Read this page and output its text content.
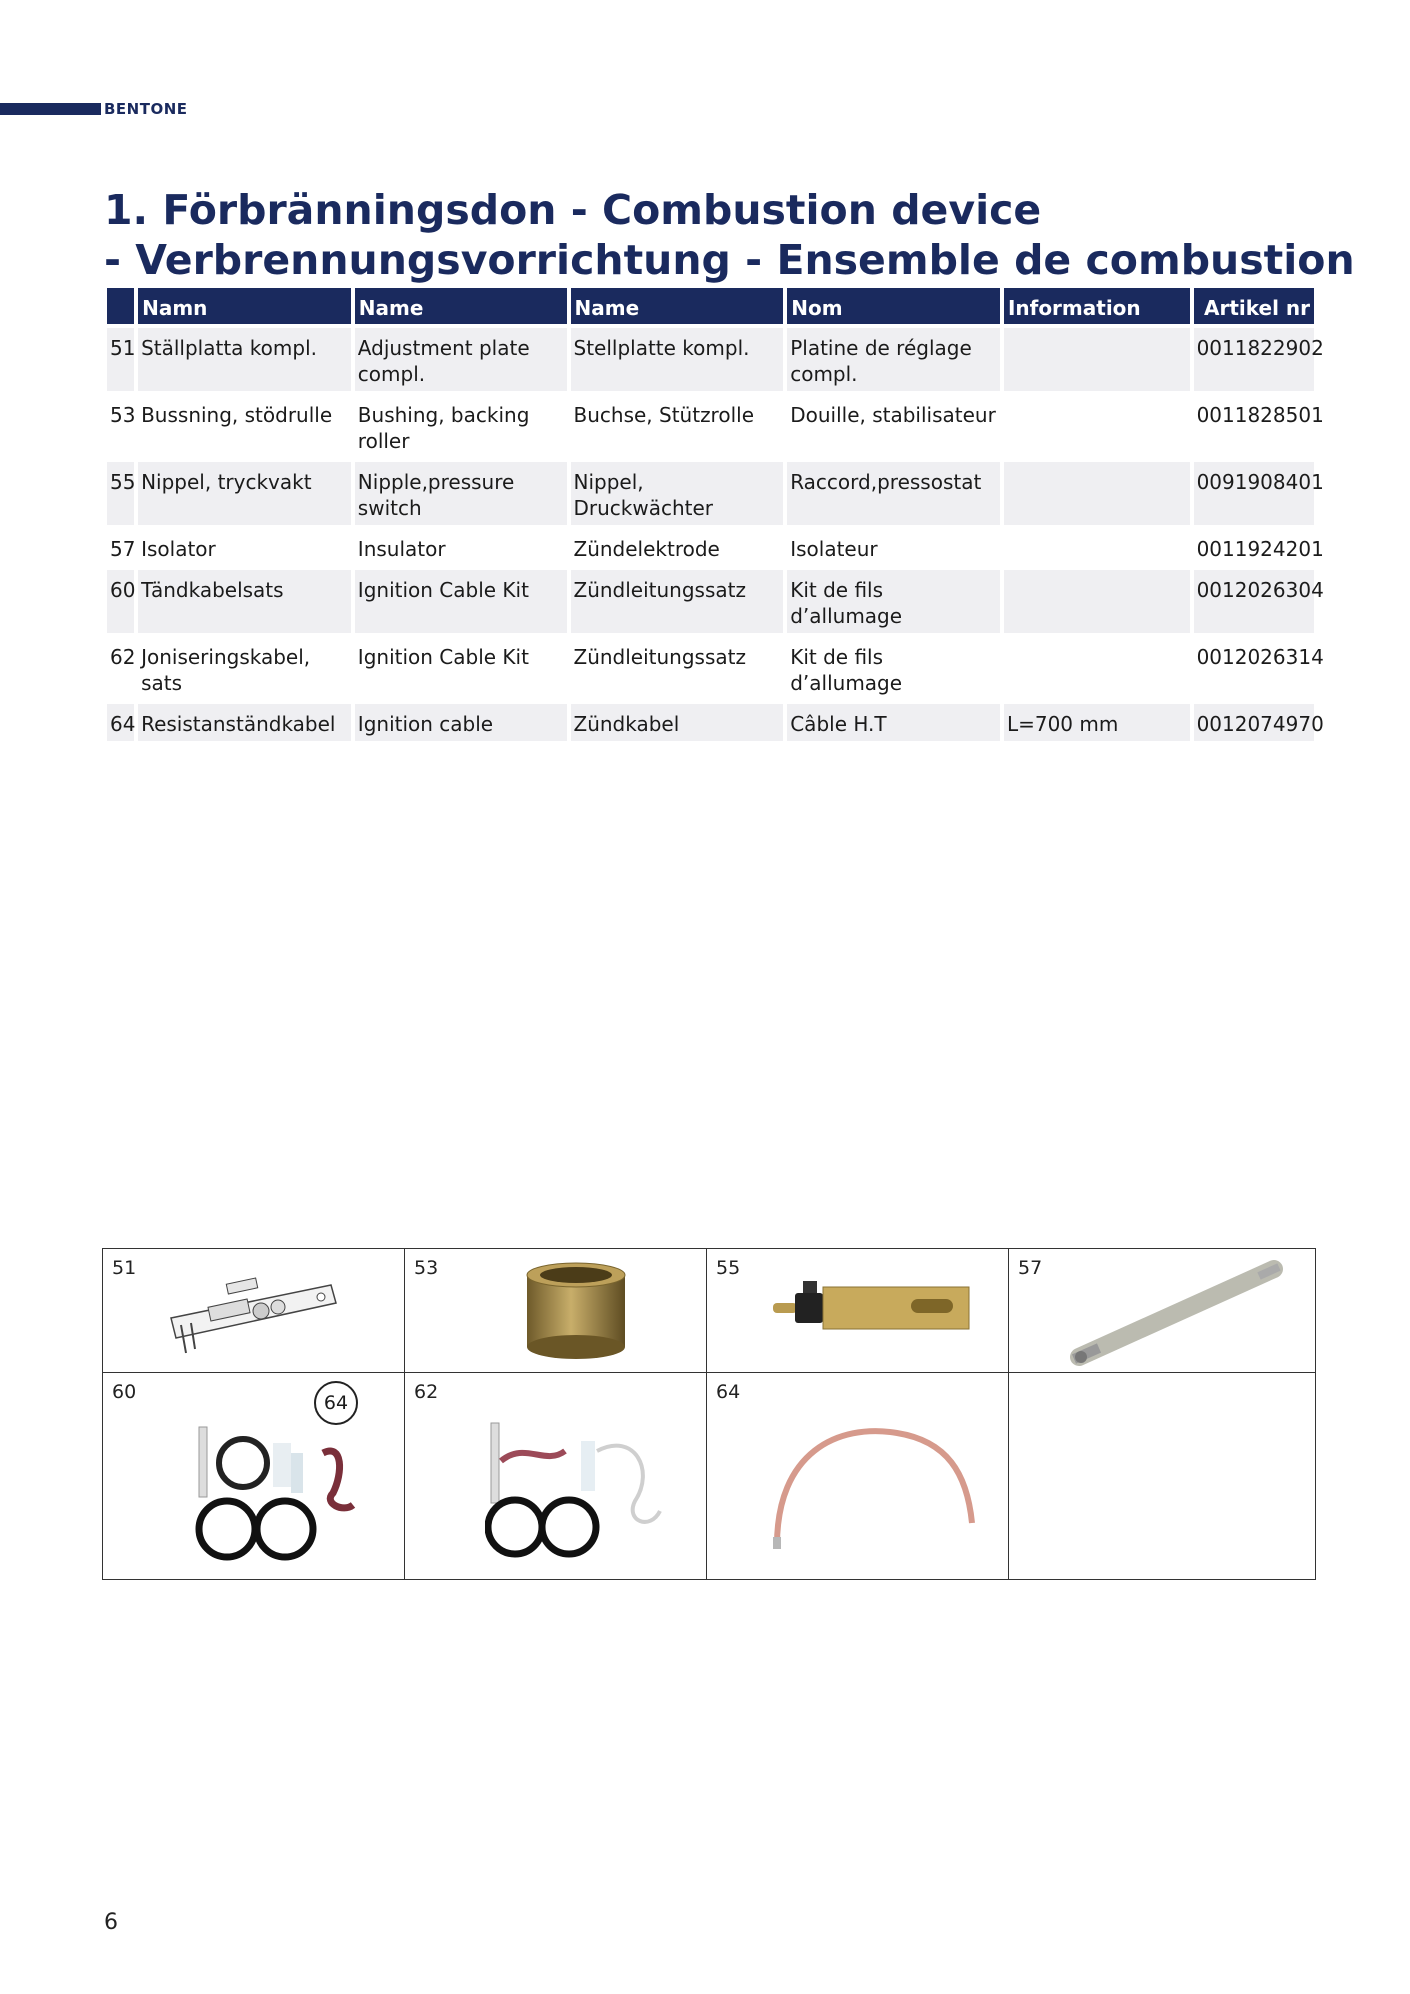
BENTONE
1. Förbränningsdon - Combustion device
- Verbrennungsvorrichtung - Ensemble de combustion
	Namn	Name	Name	Nom	Information	Artikel nr
51	Ställplatta kompl.	Adjustment plate compl.	Stellplatte kompl.	Platine de réglage compl.		0011822902
53	Bussning, stödrulle	Bushing, backing roller	Buchse, Stützrolle	Douille, stabilisateur		0011828501
55	Nippel, tryckvakt	Nipple,pressure switch	Nippel, Druckwächter	Raccord,pressostat		0091908401
57	Isolator	Insulator	Zündelektrode	Isolateur		0011924201
60	Tändkabelsats	Ignition Cable Kit	Zündleitungssatz	Kit de fils d’allumage		0012026304
62	Joniseringskabel, sats	Ignition Cable Kit	Zündleitungssatz	Kit de fils d’allumage		0012026314
64	Resistanständkabel	Ignition cable	Zündkabel	Câble H.T	L=700 mm	0012074970
51	53	55	57
60	64	62	64
6
